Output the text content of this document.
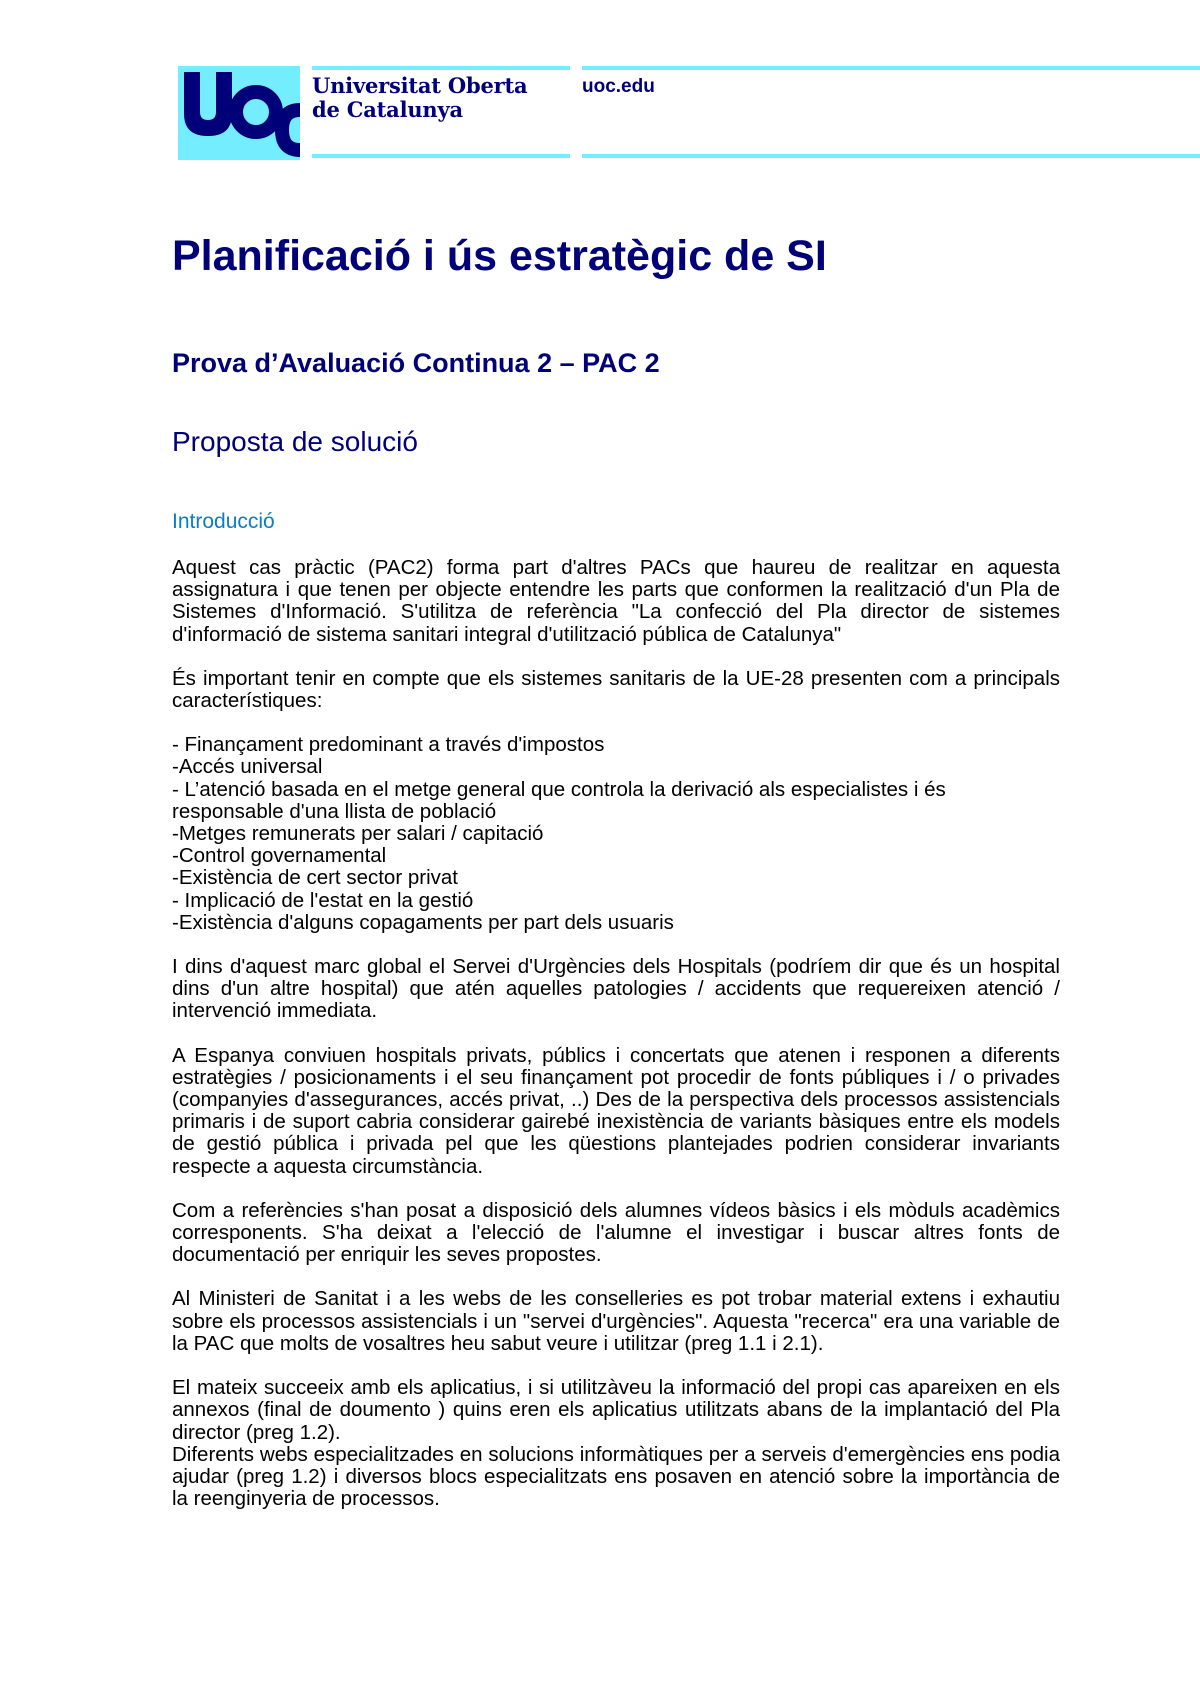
Universitat Oberta
de Catalunya
uoc.edu
Planificació i ús estratègic de SI
Prova d’Avaluació Continua 2 – PAC 2
Proposta de solució
Introducció

Aquest cas pràctic (PAC2) forma part d'altres PACs que haureu de realitzar en aquesta assignatura i que tenen per objecte entendre les parts que conformen la realització d'un Pla de Sistemes d'Informació. S'utilitza de referència "La confecció del Pla director de sistemes d'informació de sistema sanitari integral d'utilització pública de Catalunya"

És important tenir en compte que els sistemes sanitaris de la UE-28 presenten com a principals característiques:

- Finançament predominant a través d'impostos
-Accés universal
- L’atenció basada en el metge general que controla la derivació als especialistes i és responsable d'una llista de població
-Metges remunerats per salari / capitació
-Control governamental
-Existència de cert sector privat
- Implicació de l'estat en la gestió
-Existència d'alguns copagaments per part dels usuaris

I dins d'aquest marc global el Servei d'Urgències dels Hospitals (podríem dir que és un hospital dins d'un altre hospital) que atén aquelles patologies / accidents que requereixen atenció / intervenció immediata.

A Espanya conviuen hospitals privats, públics i concertats que atenen i responen a diferents estratègies / posicionaments i el seu finançament pot procedir de fonts públiques i / o privades (companyies d'assegurances, accés privat, ..) Des de la perspectiva dels processos assistencials primaris i de suport cabria considerar gairebé inexistència de variants bàsiques entre els models de gestió pública i privada pel que les qüestions plantejades podrien considerar invariants respecte a aquesta circumstància.

Com a referències s'han posat a disposició dels alumnes vídeos bàsics i els mòduls acadèmics corresponents. S'ha deixat a l'elecció de l'alumne el investigar i buscar altres fonts de documentació per enriquir les seves propostes.

Al Ministeri de Sanitat i a les webs de les conselleries es pot trobar material extens i exhautiu sobre els processos assistencials i un "servei d'urgències". Aquesta "recerca" era una variable de la PAC que molts de vosaltres heu sabut veure i utilitzar (preg 1.1 i 2.1).

El mateix succeeix amb els aplicatius, i si utilitzàveu la informació del propi cas apareixen en els annexos (final de doumento ) quins eren els aplicatius utilitzats abans de la implantació del Pla director (preg 1.2).

Diferents webs especialitzades en solucions informàtiques per a serveis d'emergències ens podia ajudar (preg 1.2) i diversos blocs especialitzats ens posaven en atenció sobre la importància de la reenginyeria de processos.
